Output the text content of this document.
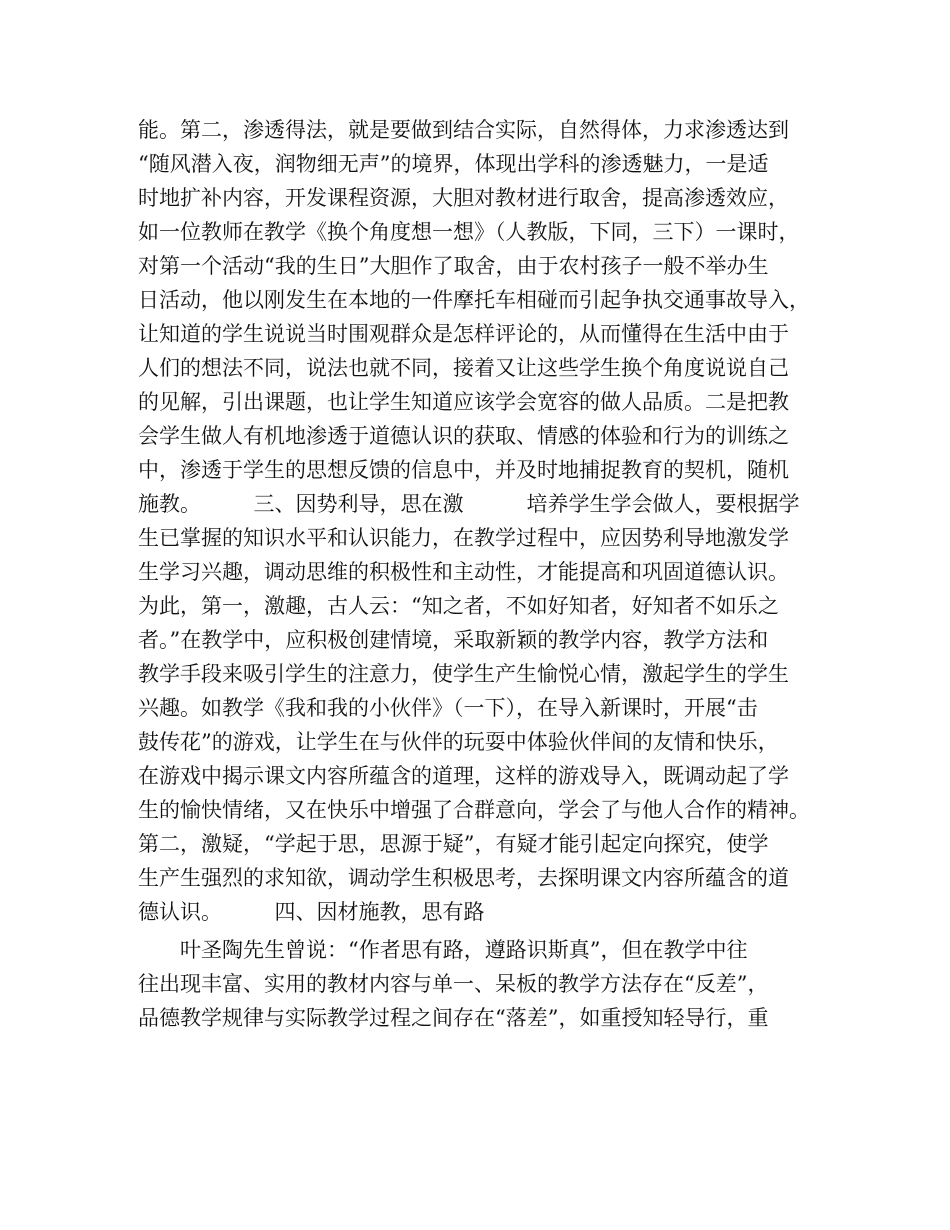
能。第二，渗透得法，就是要做到结合实际，自然得体，力求渗透达到
“随风潜入夜，润物细无声”的境界，体现出学科的渗透魅力，一是适
时地扩补内容，开发课程资源，大胆对教材进行取舍，提高渗透效应，
如一位教师在教学《换个角度想一想》（人教版，下同，三下）一课时，
对第一个活动“我的生日”大胆作了取舍，由于农村孩子一般不举办生
日活动，他以刚发生在本地的一件摩托车相碰而引起争执交通事故导入，
让知道的学生说说当时围观群众是怎样评论的，从而懂得在生活中由于
人们的想法不同，说法也就不同，接着又让这些学生换个角度说说自己
的见解，引出课题，也让学生知道应该学会宽容的做人品质。二是把教
会学生做人有机地渗透于道德认识的获取、情感的体验和行为的训练之
中，渗透于学生的思想反馈的信息中，并及时地捕捉教育的契机，随机
施教。　　　三、因势利导，思在激　　　培养学生学会做人，要根据学
生已掌握的知识水平和认识能力，在教学过程中，应因势利导地激发学
生学习兴趣，调动思维的积极性和主动性，才能提高和巩固道德认识。
为此，第一，激趣，古人云：“知之者，不如好知者，好知者不如乐之
者。”在教学中，应积极创建情境，采取新颖的教学内容，教学方法和
教学手段来吸引学生的注意力，使学生产生愉悦心情，激起学生的学生
兴趣。如教学《我和我的小伙伴》（一下），在导入新课时，开展“击
鼓传花”的游戏，让学生在与伙伴的玩耍中体验伙伴间的友情和快乐，
在游戏中揭示课文内容所蕴含的道理，这样的游戏导入，既调动起了学
生的愉快情绪，又在快乐中增强了合群意向，学会了与他人合作的精神。
第二，激疑，“学起于思，思源于疑”，有疑才能引起定向探究，使学
生产生强烈的求知欲，调动学生积极思考，去探明课文内容所蕴含的道
德认识。　　　四、因材施教，思有路
　　叶圣陶先生曾说：“作者思有路，遵路识斯真”，但在教学中往
往出现丰富、实用的教材内容与单一、呆板的教学方法存在“反差”，
品德教学规律与实际教学过程之间存在“落差”，如重授知轻导行，重
